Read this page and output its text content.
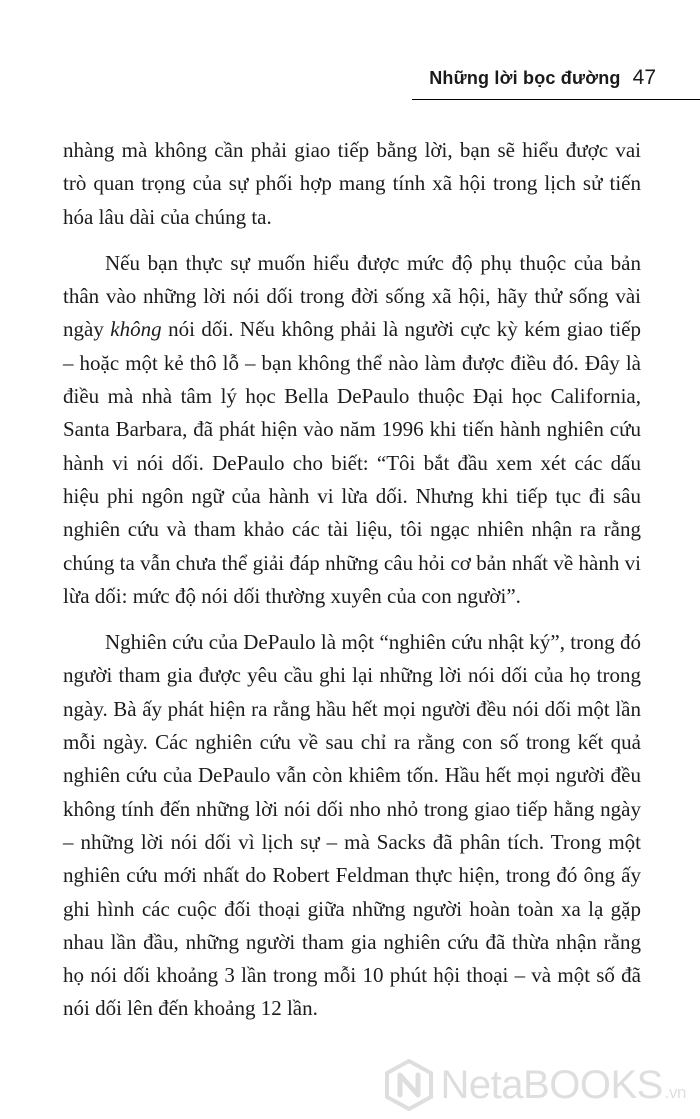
Những lời bọc đường 47

nhàng mà không cần phải giao tiếp bằng lời, bạn sẽ hiểu được vai trò quan trọng của sự phối hợp mang tính xã hội trong lịch sử tiến hóa lâu dài của chúng ta.

Nếu bạn thực sự muốn hiểu được mức độ phụ thuộc của bản thân vào những lời nói dối trong đời sống xã hội, hãy thử sống vài ngày không nói dối. Nếu không phải là người cực kỳ kém giao tiếp – hoặc một kẻ thô lỗ – bạn không thể nào làm được điều đó. Đây là điều mà nhà tâm lý học Bella DePaulo thuộc Đại học California, Santa Barbara, đã phát hiện vào năm 1996 khi tiến hành nghiên cứu hành vi nói dối. DePaulo cho biết: “Tôi bắt đầu xem xét các dấu hiệu phi ngôn ngữ của hành vi lừa dối. Nhưng khi tiếp tục đi sâu nghiên cứu và tham khảo các tài liệu, tôi ngạc nhiên nhận ra rằng chúng ta vẫn chưa thể giải đáp những câu hỏi cơ bản nhất về hành vi lừa dối: mức độ nói dối thường xuyên của con người”.

Nghiên cứu của DePaulo là một “nghiên cứu nhật ký”, trong đó người tham gia được yêu cầu ghi lại những lời nói dối của họ trong ngày. Bà ấy phát hiện ra rằng hầu hết mọi người đều nói dối một lần mỗi ngày. Các nghiên cứu về sau chỉ ra rằng con số trong kết quả nghiên cứu của DePaulo vẫn còn khiêm tốn. Hầu hết mọi người đều không tính đến những lời nói dối nho nhỏ trong giao tiếp hằng ngày – những lời nói dối vì lịch sự – mà Sacks đã phân tích. Trong một nghiên cứu mới nhất do Robert Feldman thực hiện, trong đó ông ấy ghi hình các cuộc đối thoại giữa những người hoàn toàn xa lạ gặp nhau lần đầu, những người tham gia nghiên cứu đã thừa nhận rằng họ nói dối khoảng 3 lần trong mỗi 10 phút hội thoại – và một số đã nói dối lên đến khoảng 12 lần.

NetaBOOKS .vn
